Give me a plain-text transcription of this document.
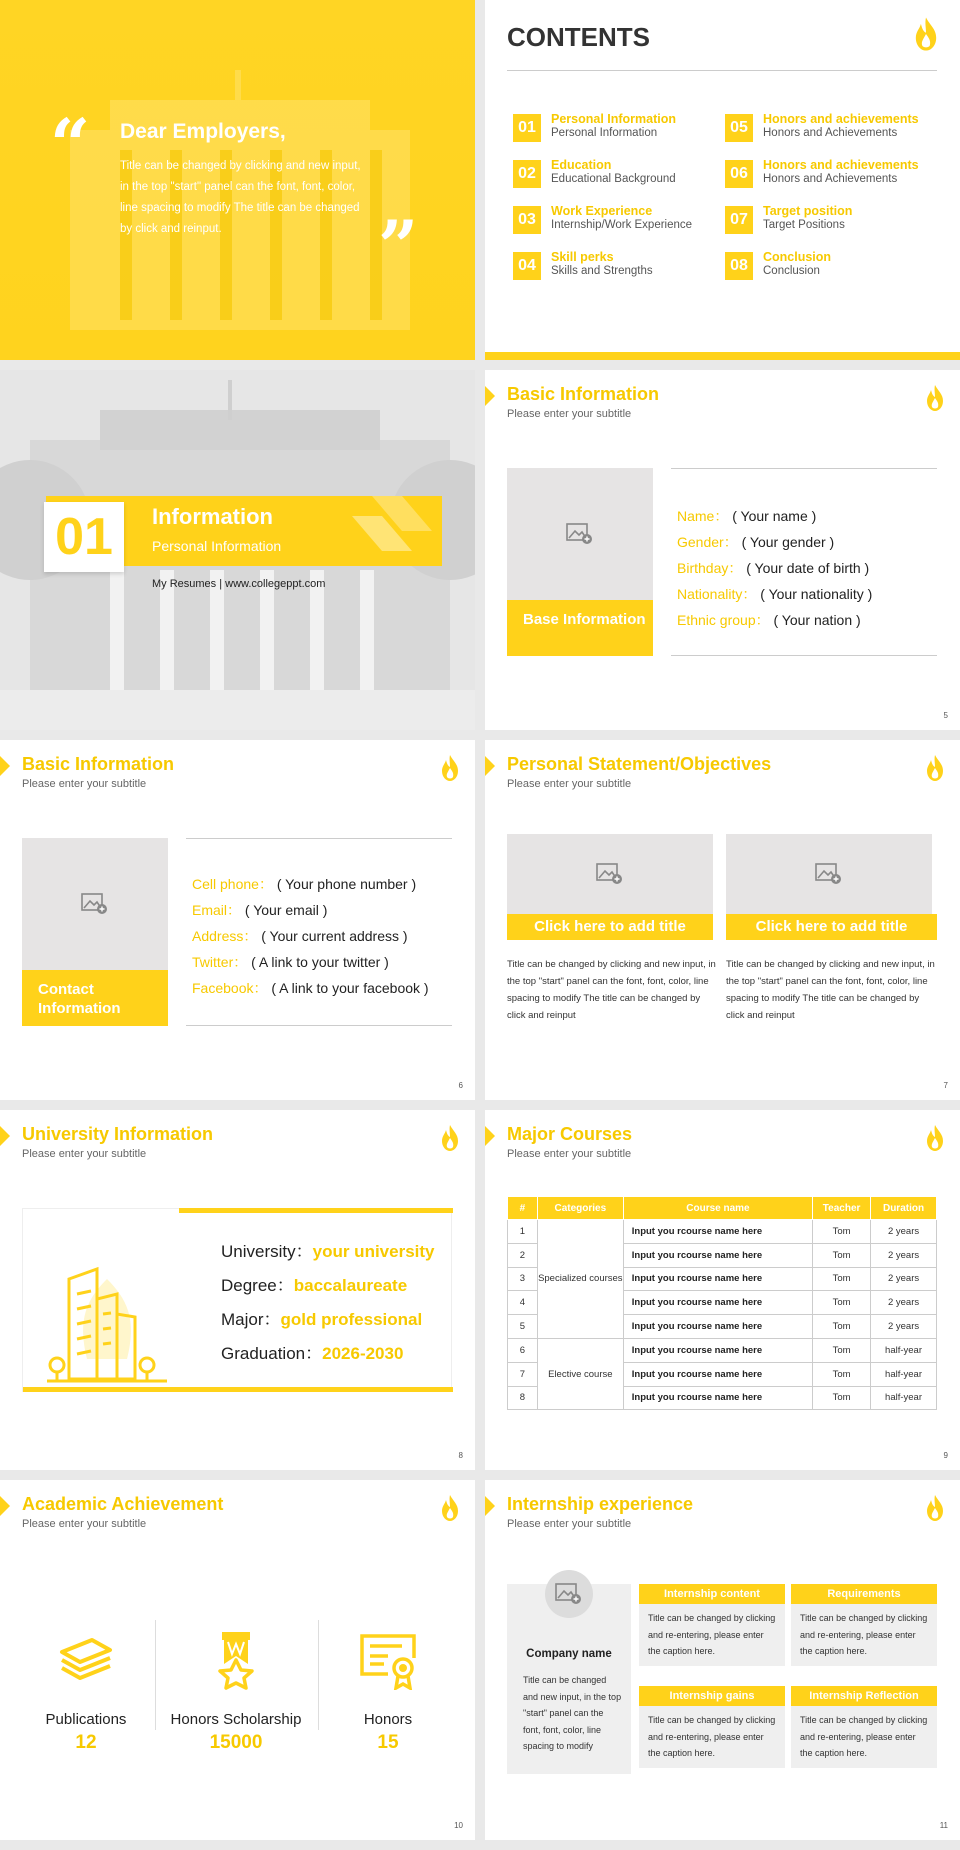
“ Dear Employers,
Title can be changed by clicking and new input, in the top "start" panel can the font, font, color, line spacing to modify The title can be changed by click and reinput.	”
CONTENTS
01	Personal Information
Personal Information
02	Education
Educational Background
03	Work Experience
Internship/Work Experience
04	Skill perks
Skills and Strengths
05	Honors and achievements
Honors and Achievements
06	Honors and achievements
Honors and Achievements
07	Target position
Target Positions
08	Conclusion
Conclusion
01	Information
Personal Information
My Resumes | www.collegeppt.com
Basic Information
Please enter your subtitle
Base Information
Name： ( Your name )
Gender： ( Your gender )
Birthday： ( Your date of birth )
Nationality： ( Your nationality )
Ethnic group： ( Your nation )
5
Basic Information
Please enter your subtitle
Contact Information
Cell phone： ( Your phone number )
Email： ( Your email )
Address： ( Your current address )
Twitter： ( A link to your twitter )
Facebook： ( A link to your facebook )
6
Personal Statement/Objectives
Please enter your subtitle
Click here to add title
Title can be changed by clicking and new input, in the top "start" panel can the font, font, color, line spacing to modify The title can be changed by click and reinput
Click here to add title
Title can be changed by clicking and new input, in the top "start" panel can the font, font, color, line spacing to modify The title can be changed by click and reinput
7
University Information
Please enter your subtitle
University：your university
Degree：baccalaureate
Major：gold professional
Graduation：2026-2030
8
Major Courses
Please enter your subtitle
#	Categories	Course name	Teacher	Duration
1	Specialized courses	Input you rcourse name here	Tom	2 years
2		Input you rcourse name here	Tom	2 years
3		Input you rcourse name here	Tom	2 years
4		Input you rcourse name here	Tom	2 years
5		Input you rcourse name here	Tom	2 years
6	Elective course	Input you rcourse name here	Tom	half-year
7		Input you rcourse name here	Tom	half-year
8		Input you rcourse name here	Tom	half-year
9
Academic Achievement
Please enter your subtitle
Publications
12
Honors Scholarship
15000
Honors
15
10
Internship experience
Please enter your subtitle
Company name
Title can be changed and new input, in the top "start" panel can the font, font, color, line spacing to modify
Internship content
Title can be changed by clicking and re-entering, please enter the caption here.
Requirements
Title can be changed by clicking and re-entering, please enter the caption here.
Internship gains
Title can be changed by clicking and re-entering, please enter the caption here.
Internship Reflection
Title can be changed by clicking and re-entering, please enter the caption here.
11
